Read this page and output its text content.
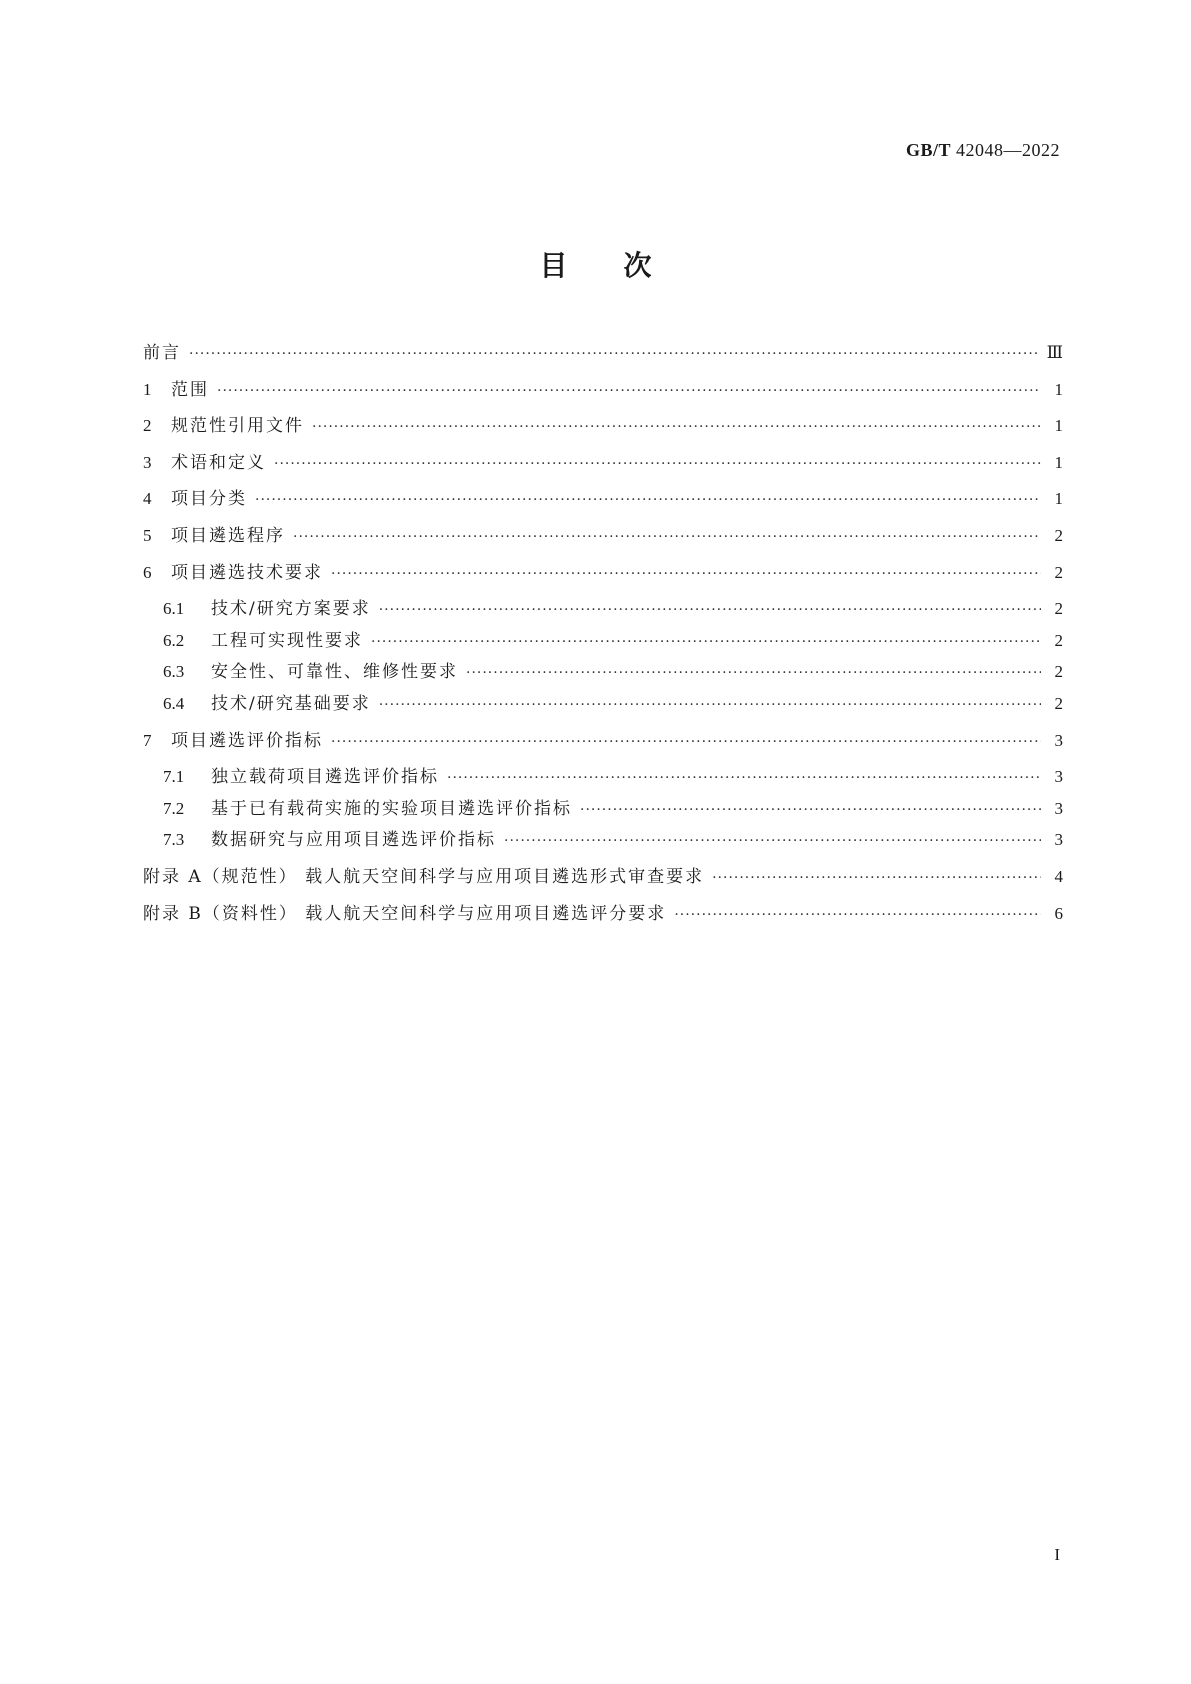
GB/T 42048—2022
目次
前言 ·····	Ⅲ
1	范围 ·····	1
2	规范性引用文件 ·····	1
3	术语和定义 ·····	1
4	项目分类 ·····	1
5	项目遴选程序 ·····	2
6	项目遴选技术要求 ·····	2
6.1	技术/研究方案要求 ·····	2
6.2	工程可实现性要求 ·····	2
6.3	安全性、可靠性、维修性要求 ·····	2
6.4	技术/研究基础要求 ·····	2
7	项目遴选评价指标 ·····	3
7.1	独立载荷项目遴选评价指标 ·····	3
7.2	基于已有载荷实施的实验项目遴选评价指标 ·····	3
7.3	数据研究与应用项目遴选评价指标 ·····	3
附录 A（规范性） 载人航天空间科学与应用项目遴选形式审查要求 ·····	4
附录 B（资料性） 载人航天空间科学与应用项目遴选评分要求 ·····	6
I
